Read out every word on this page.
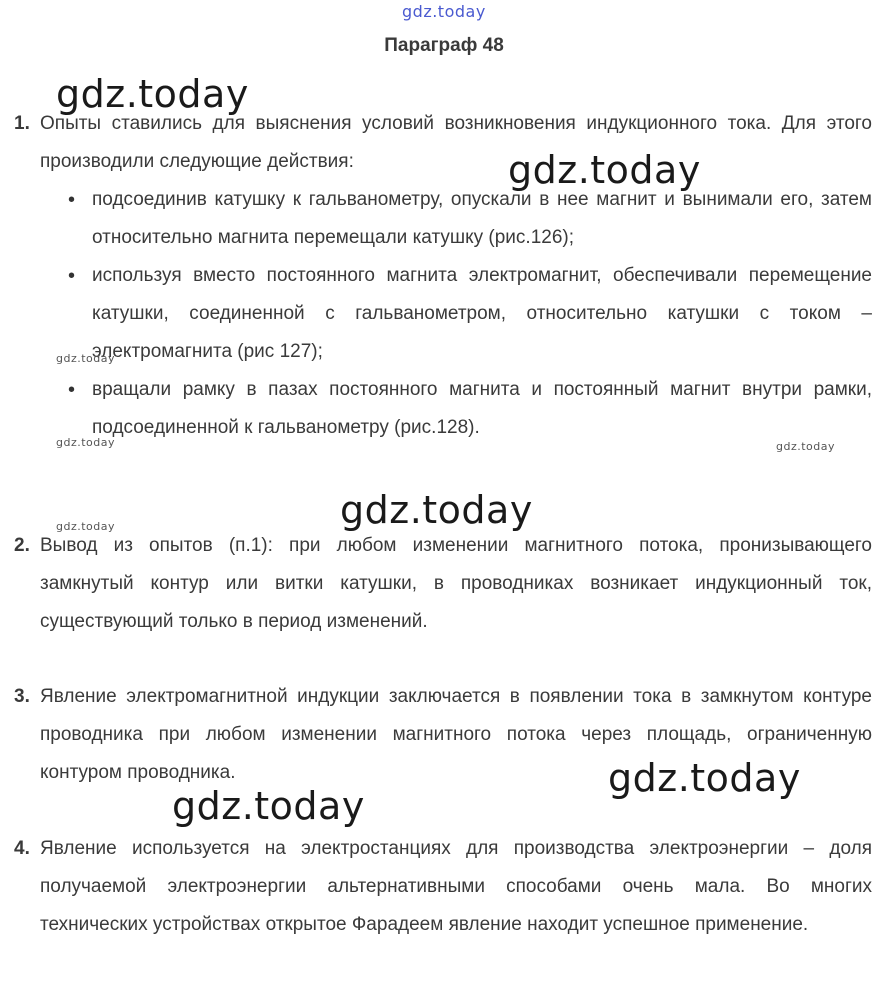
gdz.today
Параграф 48
1. Опыты ставились для выяснения условий возникновения индукционного тока. Для этого производили следующие действия:
• подсоединив катушку к гальванометру, опускали в нее магнит и вынимали его, затем относительно магнита перемещали катушку (рис.126);
• используя вместо постоянного магнита электромагнит, обеспечивали перемещение катушки, соединенной с гальванометром, относительно катушки с током – электромагнита (рис 127);
• вращали рамку в пазах постоянного магнита и постоянный магнит внутри рамки, подсоединенной к гальванометру (рис.128).
2. Вывод из опытов (п.1): при любом изменении магнитного потока, пронизывающего замкнутый контур или витки катушки, в проводниках возникает индукционный ток, существующий только в период изменений.
3. Явление электромагнитной индукции заключается в появлении тока в замкнутом контуре проводника при любом изменении магнитного потока через площадь, ограниченную контуром проводника.
4. Явление используется на электростанциях для производства электроэнергии – доля получаемой электроэнергии альтернативными способами очень мала. Во многих технических устройствах открытое Фарадеем явление находит успешное применение.
gdz.today
gdz.today
gdz.today
gdz.today	gdz.today
gdz.today
gdz.today
gdz.today
gdz.today
